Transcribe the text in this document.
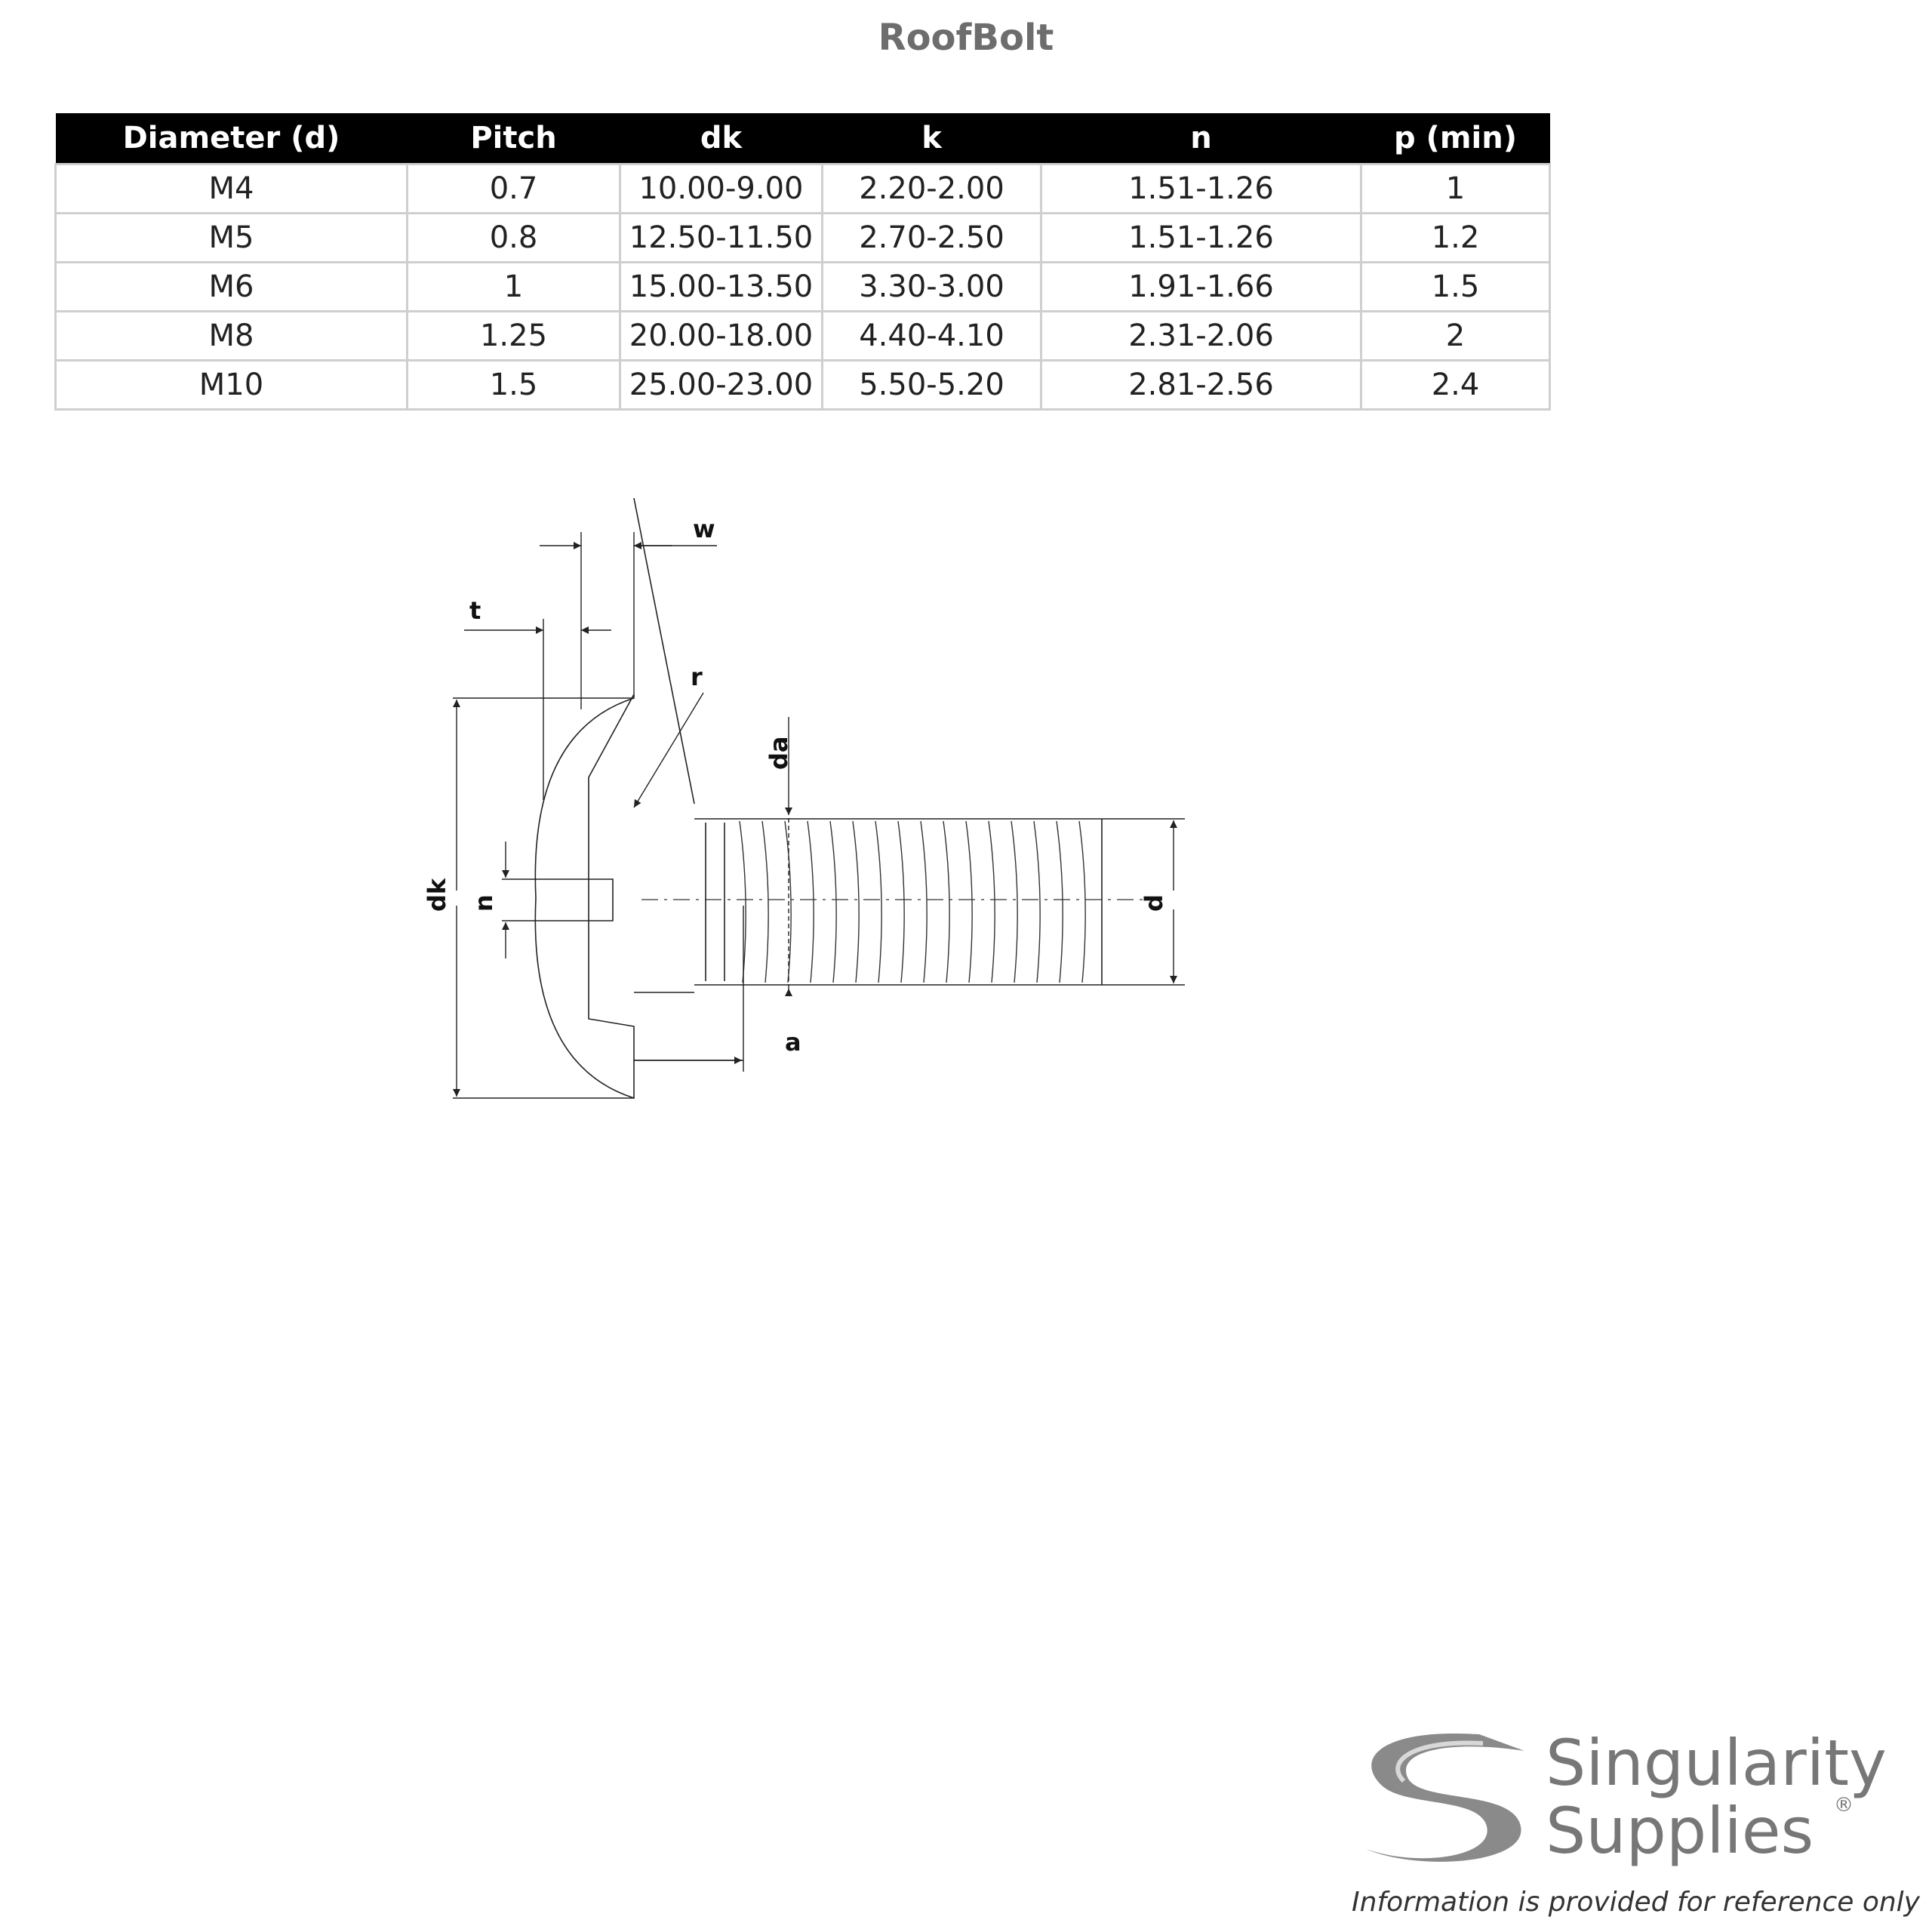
RoofBolt
Diameter (d)	Pitch	dk	k	n	p (min)
M4	0.7	10.00-9.00	2.20-2.00	1.51-1.26	1
M5	0.8	12.50-11.50	2.70-2.50	1.51-1.26	1.2
M6	1	15.00-13.50	3.30-3.00	1.91-1.66	1.5
M8	1.25	20.00-18.00	4.40-4.10	2.31-2.06	2
M10	1.5	25.00-23.00	5.50-5.20	2.81-2.56	2.4
w
t
r
da
dk n	d
a
Singularity
Supplies ®
Information is provided for reference only
